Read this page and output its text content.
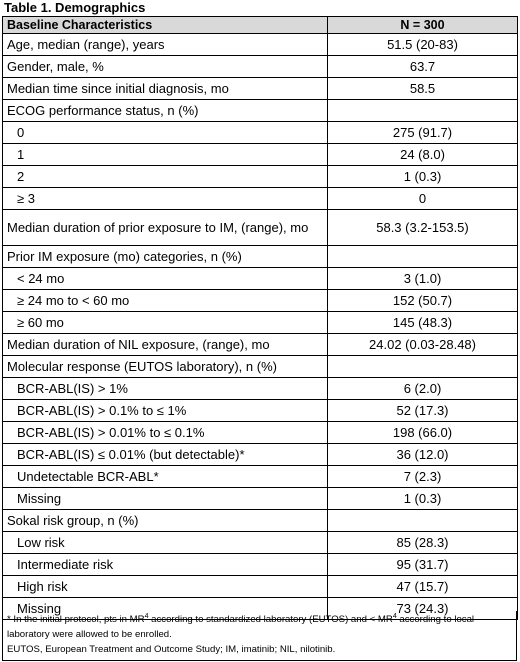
Table 1. Demographics
Baseline Characteristics	N = 300
Age, median (range), years	51.5 (20-83)
Gender, male, %	63.7
Median time since initial diagnosis, mo	58.5
ECOG performance status, n (%)	
0	275 (91.7)
1	24 (8.0)
2	1 (0.3)
≥ 3	0
Median duration of prior exposure to IM, (range), mo	58.3 (3.2-153.5)
Prior IM exposure (mo) categories, n (%)	
< 24 mo	3 (1.0)
≥ 24 mo to < 60 mo	152 (50.7)
≥ 60 mo	145 (48.3)
Median duration of NIL exposure, (range), mo	24.02 (0.03-28.48)
Molecular response (EUTOS laboratory), n (%)	
BCR-ABL(IS) > 1%	6 (2.0)
BCR-ABL(IS) > 0.1% to ≤ 1%	52 (17.3)
BCR-ABL(IS) > 0.01% to ≤ 0.1%	198 (66.0)
BCR-ABL(IS) ≤ 0.01% (but detectable)*	36 (12.0)
Undetectable BCR-ABL*	7 (2.3)
Missing	1 (0.3)
Sokal risk group, n (%)	
Low risk	85 (28.3)
Intermediate risk	95 (31.7)
High risk	47 (15.7)
Missing	73 (24.3)
* In the initial protocol, pts in $MR^4$ according to standardized laboratory (EUTOS) and < $MR^4$ according to local laboratory were allowed to be enrolled.
EUTOS, European Treatment and Outcome Study; IM, imatinib; NIL, nilotinib.
